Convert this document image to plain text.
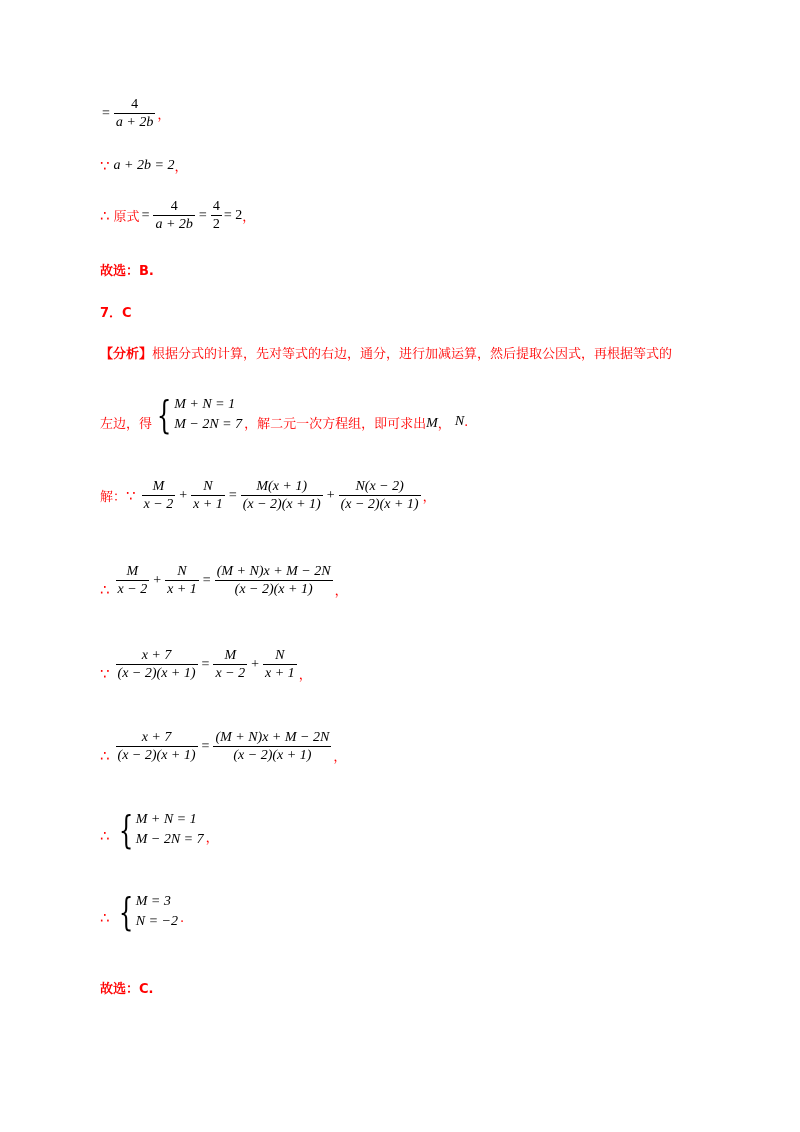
= $\frac{4}{a + 2b}$ ，
∵ a + 2b = 2 ，
∴ 原式 = $\frac{4}{a + 2b} = \frac{4}{2} = 2$ ，
故选：B.
7．C
【分析】 根据分式的计算，先对等式的右边，通分，进行加减运算，然后提取公因式，再根据等式的
左边，得 { M + N = 1
M − 2N = 7 ，解二元一次方程组，即可求出 M ， N .
解： ∵ $\frac{M}{x - 2} + \frac{N}{x + 1} = \frac{M(x + 1)}{(x - 2)(x + 1)} + \frac{N(x - 2)}{(x - 2)(x + 1)}$ ，
∴ $\frac{M}{x - 2} + \frac{N}{x + 1} = \frac{(M + N)x + M - 2N}{(x - 2)(x + 1)}$ ，
∵ $\frac{x + 7}{(x - 2)(x + 1)} = \frac{M}{x - 2} + \frac{N}{x + 1}$ ，
∴ $\frac{x + 7}{(x - 2)(x + 1)} = \frac{(M + N)x + M - 2N}{(x - 2)(x + 1)}$ ，
∴ { M + N = 1
M − 2N = 7 ，
∴ { M = 3
N = −2 .
故选：C.
